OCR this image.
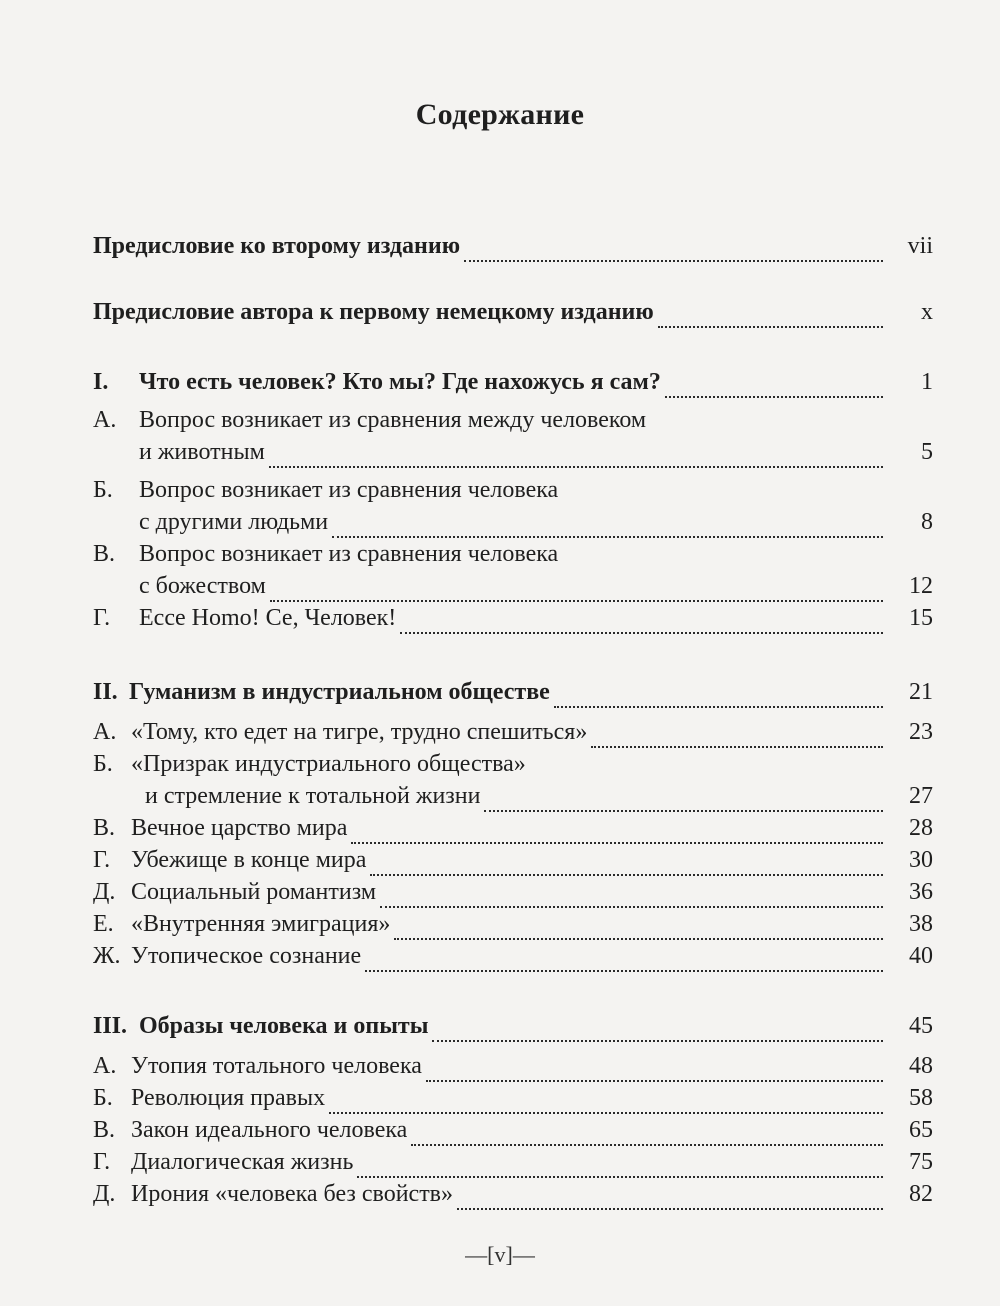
Содержание
Предисловие ко второму изданию	vii
Предисловие автора к первому немецкому изданию	x
I. Что есть человек? Кто мы? Где нахожусь я сам?	1
А. Вопрос возникает из сравнения между человеком
и животным	5
Б. Вопрос возникает из сравнения человека
с другими людьми	8
В. Вопрос возникает из сравнения человека
с божеством	12
Г. Ecce Homo! Се, Человек!	15
II. Гуманизм в индустриальном обществе	21
А. «Тому, кто едет на тигре, трудно спешиться»	23
Б. «Призрак индустриального общества»
и стремление к тотальной жизни	27
В. Вечное царство мира	28
Г. Убежище в конце мира	30
Д. Социальный романтизм	36
Е. «Внутренняя эмиграция»	38
Ж. Утопическое сознание	40
III. Образы человека и опыты	45
А. Утопия тотального человека	48
Б. Революция правых	58
В. Закон идеального человека	65
Г. Диалогическая жизнь	75
Д. Ирония «человека без свойств»	82
—[v]—
